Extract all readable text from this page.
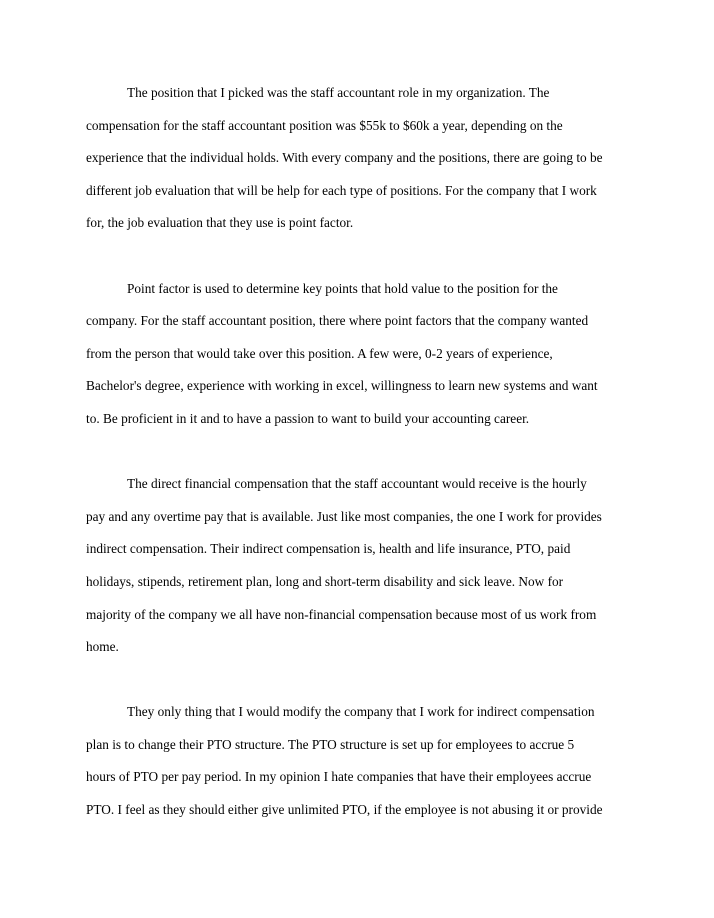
The position that I picked was the staff accountant role in my organization. The
compensation for the staff accountant position was $55k to $60k a year, depending on the
experience that the individual holds. With every company and the positions, there are going to be
different job evaluation that will be help for each type of positions. For the company that I work
for, the job evaluation that they use is point factor.

Point factor is used to determine key points that hold value to the position for the
company. For the staff accountant position, there where point factors that the company wanted
from the person that would take over this position. A few were, 0-2 years of experience,
Bachelor's degree, experience with working in excel, willingness to learn new systems and want
to. Be proficient in it and to have a passion to want to build your accounting career.

The direct financial compensation that the staff accountant would receive is the hourly
pay and any overtime pay that is available. Just like most companies, the one I work for provides
indirect compensation. Their indirect compensation is, health and life insurance, PTO, paid
holidays, stipends, retirement plan, long and short-term disability and sick leave. Now for
majority of the company we all have non-financial compensation because most of us work from
home.

They only thing that I would modify the company that I work for indirect compensation
plan is to change their PTO structure. The PTO structure is set up for employees to accrue 5
hours of PTO per pay period. In my opinion I hate companies that have their employees accrue
PTO. I feel as they should either give unlimited PTO, if the employee is not abusing it or provide
